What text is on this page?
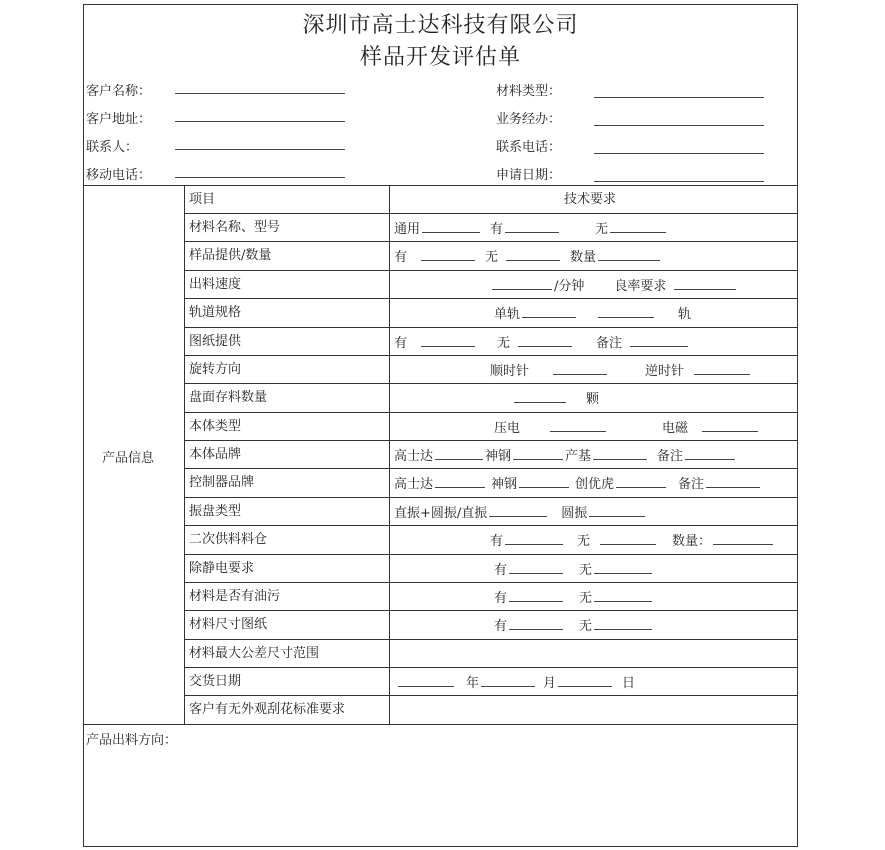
深圳市高士达科技有限公司
样品开发评估单
客户名称：
客户地址：
联系人：
移动电话：
材料类型：
业务经办：
联系电话：
申请日期：
产品信息
项目	技术要求
材料名称、型号	通用	有	无
样品提供/数量	有	无	数量
出料速度	/分钟 良率要求
轨道规格	单轨	轨
图纸提供	有	无	备注
旋转方向	顺时针	逆时针
盘面存料数量	颗
本体类型	压电	电磁
本体品牌	高士达	神钢	产基	备注
控制器品牌	高士达	神钢	创优虎	备注
振盘类型	直振+圆振/直振	圆振
二次供料料仓	有	无	数量：
除静电要求	有	无
材料是否有油污	有	无
材料尺寸图纸	有	无
材料最大公差尺寸范围
交货日期	年	月	日
客户有无外观刮花标准要求
产品出料方向：
